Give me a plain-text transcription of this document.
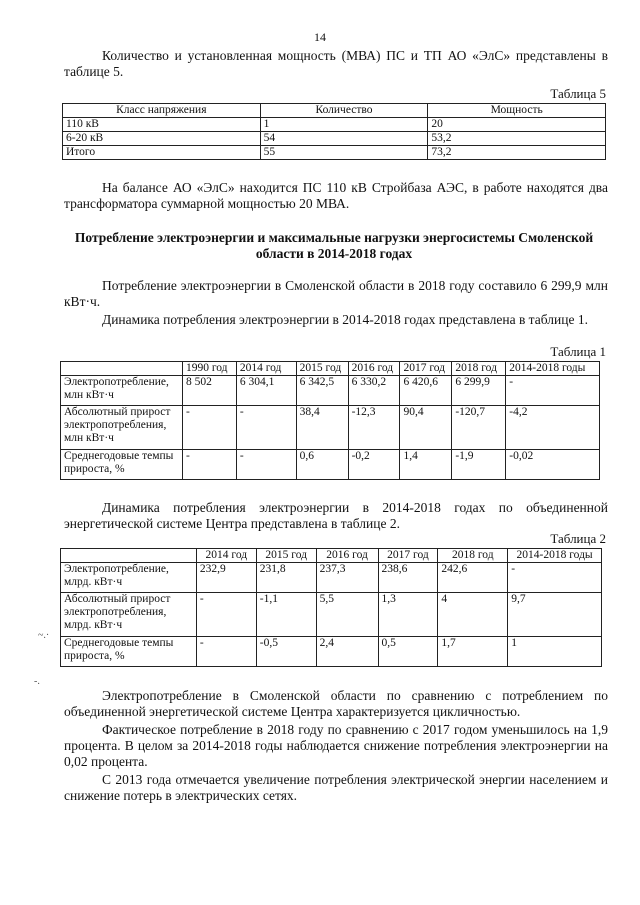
14

Количество и установленная мощность (МВА) ПС и ТП АО «ЭлС» представлены в таблице 5.

Таблица 5
Класс напряжения	Количество	Мощность
110 кВ	1	20
6-20 кВ	54	53,2
Итого	55	73,2

На балансе АО «ЭлС» находится ПС 110 кВ Стройбаза АЭС, в работе находятся два трансформатора суммарной мощностью 20 МВА.

Потребление электроэнергии и максимальные нагрузки энергосистемы Смоленской области в 2014-2018 годах

Потребление электроэнергии в Смоленской области в 2018 году составило 6 299,9 млн кВт·ч.

Динамика потребления электроэнергии в 2014-2018 годах представлена в таблице 1.

Таблица 1
	1990 год	2014 год	2015 год	2016 год	2017 год	2018 год	2014-2018 годы
Электропотребление, млн кВт·ч	8 502	6 304,1	6 342,5	6 330,2	6 420,6	6 299,9	-
Абсолютный прирост электропотребления, млн кВт·ч	-	-	38,4	-12,3	90,4	-120,7	-4,2
Среднегодовые темпы прироста, %	-	-	0,6	-0,2	1,4	-1,9	-0,02

Динамика потребления электроэнергии в 2014-2018 годах по объединенной энергетической системе Центра представлена в таблице 2.

Таблица 2
	2014 год	2015 год	2016 год	2017 год	2018 год	2014-2018 годы
Электропотребление, млрд. кВт·ч	232,9	231,8	237,3	238,6	242,6	-
Абсолютный прирост электропотребления, млрд. кВт·ч	-	-1,1	5,5	1,3	4	9,7
Среднегодовые темпы прироста, %	-	-0,5	2,4	0,5	1,7	1
~.·
-.

Электропотребление в Смоленской области по сравнению с потреблением по объединенной энергетической системе Центра характеризуется цикличностью.

Фактическое потребление в 2018 году по сравнению с 2017 годом уменьшилось на 1,9 процента. В целом за 2014-2018 годы наблюдается снижение потребления электроэнергии на 0,02 процента.

С 2013 года отмечается увеличение потребления электрической энергии населением и снижение потерь в электрических сетях.
